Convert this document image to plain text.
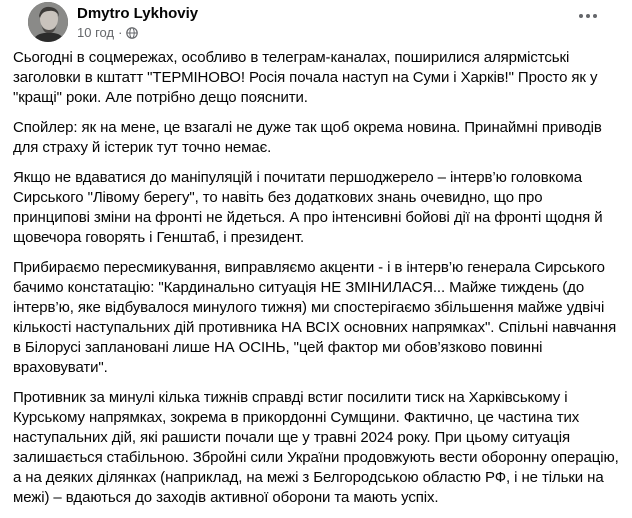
Dmytro Lykhoviy
10 год ·

Сьогодні в соцмережах, особливо в телеграм-каналах, поширилися алярмістські заголовки в кштатт "ТЕРМІНОВО! Росія почала наступ на Суми і Харків!" Просто як у "кращі" роки. Але потрібно дещо пояснити.

Спойлер: як на мене, це взагалі не дуже так щоб окрема новина. Принаймні приводів для страху й істерик тут точно немає.

Якщо не вдаватися до маніпуляцій і почитати першоджерело – інтерв’ю головкома Сирського "Лівому берегу", то навіть без додаткових знань очевидно, що про принципові зміни на фронті не йдеться. А про інтенсивні бойові дії на фронті щодня й щовечора говорять і Генштаб, і президент.

Прибираємо пересмикування, виправляємо акценти - і в інтерв’ю генерала Сирського бачимо констатацію: "Кардинально ситуація НЕ ЗМІНИЛАСЯ... Майже тиждень (до інтерв’ю, яке відбувалося минулого тижня) ми спостерігаємо збільшення майже удвічі кількості наступальних дій противника НА ВСІХ основних напрямках". Спільні навчання в Білорусі заплановані лише НА ОСІНЬ, "цей фактор ми обов’язково повинні враховувати".

Противник за минулі кілька тижнів справді встиг посилити тиск на Харківському і Курському напрямках, зокрема в прикордонні Сумщини. Фактично, це частина тих наступальних дій, які рашисти почали ще у травні 2024 року. При цьому ситуація залишається стабільною. Збройні сили України продовжують вести оборонну операцію, а на деяких ділянках (наприклад, на межі з Белгородською областю РФ, і не тільки на межі) – вдаються до заходів активної оборони та мають успіх.
